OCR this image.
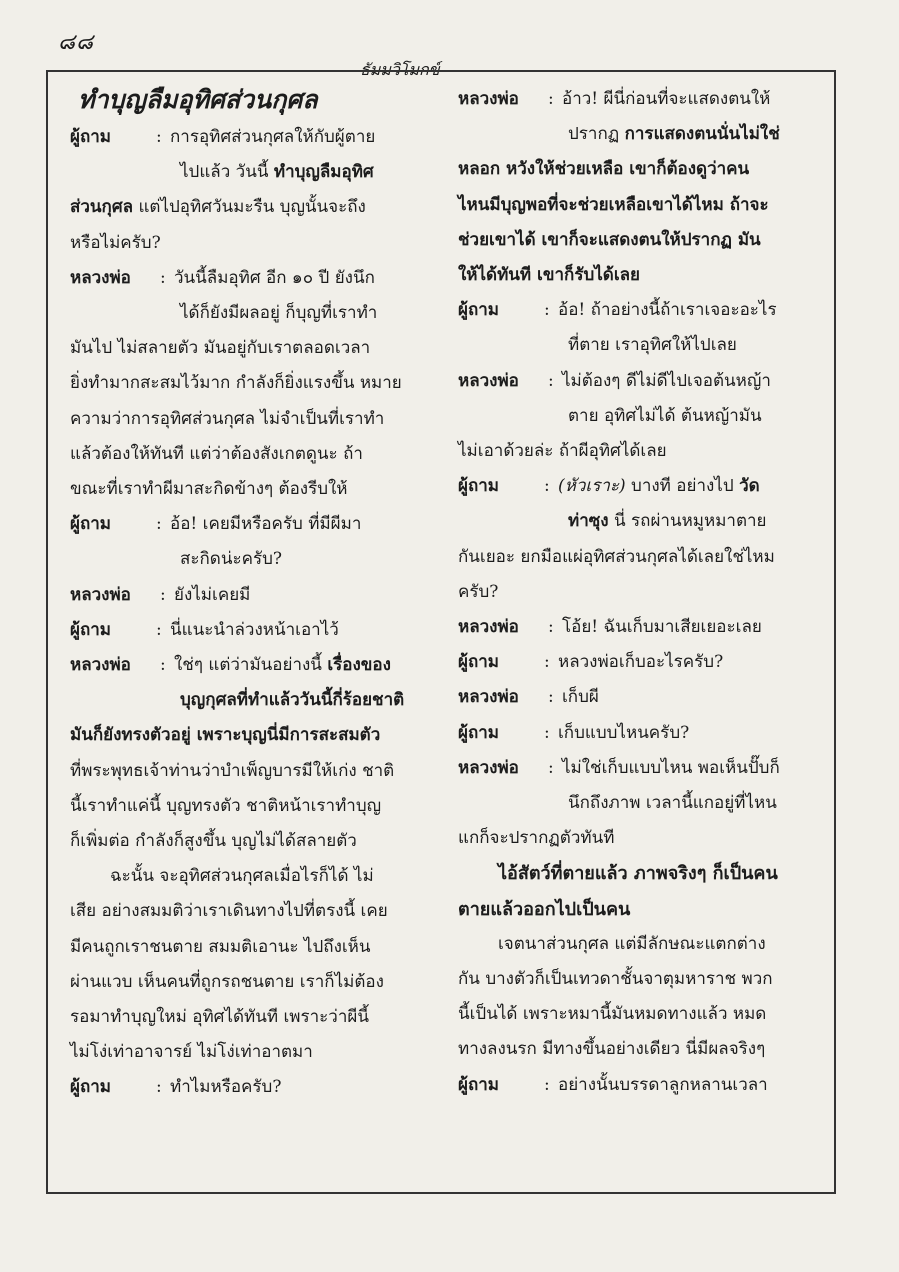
๘๘
ธัมมวิโมกข์

ทำบุญลืมอุทิศส่วนกุศล

ผู้ถาม	: การอุทิศส่วนกุศลให้กับผู้ตาย

ไปแล้ว วันนี้ ทำบุญลืมอุทิศ

ส่วนกุศล แต่ไปอุทิศวันมะรืน บุญนั้นจะถึง

หรือไม่ครับ?

หลวงพ่อ : วันนี้ลืมอุทิศ อีก ๑๐ ปี ยังนึก

ได้ก็ยังมีผลอยู่ ก็บุญที่เราทำ

มันไป ไม่สลายตัว มันอยู่กับเราตลอดเวลา

ยิ่งทำมากสะสมไว้มาก กำลังก็ยิ่งแรงขึ้น หมาย

ความว่าการอุทิศส่วนกุศล ไม่จำเป็นที่เราทำ

แล้วต้องให้ทันที แต่ว่าต้องสังเกตดูนะ ถ้า

ขณะที่เราทำผีมาสะกิดข้างๆ ต้องรีบให้

ผู้ถาม	: อ้อ! เคยมีหรือครับ ที่มีผีมา

สะกิดน่ะครับ?

หลวงพ่อ : ยังไม่เคยมี

ผู้ถาม	: นี่แนะนำล่วงหน้าเอาไว้

หลวงพ่อ : ใช่ๆ แต่ว่ามันอย่างนี้ เรื่องของ

บุญกุศลที่ทำแล้ววันนี้กี่ร้อยชาติ

มันก็ยังทรงตัวอยู่ เพราะบุญนี่มีการสะสมตัว

ที่พระพุทธเจ้าท่านว่าบำเพ็ญบารมีให้เก่ง ชาติ

นี้เราทำแค่นี้ บุญทรงตัว ชาติหน้าเราทำบุญ

ก็เพิ่มต่อ กำลังก็สูงขึ้น บุญไม่ได้สลายตัว

ฉะนั้น จะอุทิศส่วนกุศลเมื่อไรก็ได้ ไม่

เสีย อย่างสมมติว่าเราเดินทางไปที่ตรงนี้ เคย

มีคนถูกเราชนตาย สมมติเอานะ ไปถึงเห็น

ผ่านแวบ เห็นคนที่ถูกรถชนตาย เราก็ไม่ต้อง

รอมาทำบุญใหม่ อุทิศได้ทันที เพราะว่าผีนี้

ไม่โง่เท่าอาจารย์ ไม่โง่เท่าอาตมา

ผู้ถาม	: ทำไมหรือครับ?

หลวงพ่อ : อ้าว! ผีนี่ก่อนที่จะแสดงตนให้

ปรากฏ การแสดงตนนั่นไม่ใช่

หลอก หวังให้ช่วยเหลือ เขาก็ต้องดูว่าคน

ไหนมีบุญพอที่จะช่วยเหลือเขาได้ไหม ถ้าจะ

ช่วยเขาได้ เขาก็จะแสดงตนให้ปรากฏ มัน

ให้ได้ทันที เขาก็รับได้เลย

ผู้ถาม	: อ้อ! ถ้าอย่างนี้ถ้าเราเจอะอะไร

ที่ตาย เราอุทิศให้ไปเลย

หลวงพ่อ : ไม่ต้องๆ ดีไม่ดีไปเจอต้นหญ้า

ตาย อุทิศไม่ได้ ต้นหญ้ามัน

ไม่เอาด้วยล่ะ ถ้าผีอุทิศได้เลย

ผู้ถาม	: (หัวเราะ) บางที อย่างไป วัด

ท่าซุง นี่ รถผ่านหมูหมาตาย

กันเยอะ ยกมือแผ่อุทิศส่วนกุศลได้เลยใช่ไหม

ครับ?

หลวงพ่อ : โอ้ย! ฉันเก็บมาเสียเยอะเลย

ผู้ถาม	: หลวงพ่อเก็บอะไรครับ?

หลวงพ่อ : เก็บผี

ผู้ถาม	: เก็บแบบไหนครับ?

หลวงพ่อ : ไม่ใช่เก็บแบบไหน พอเห็นปั๊บก็

นึกถึงภาพ เวลานี้แกอยู่ที่ไหน

แกก็จะปรากฏตัวทันที

ไอ้สัตว์ที่ตายแล้ว ภาพจริงๆ ก็เป็นคน

ตายแล้วออกไปเป็นคน

เจตนาส่วนกุศล แต่มีลักษณะแตกต่าง

กัน บางตัวก็เป็นเทวดาชั้นจาตุมหาราช พวก

นี้เป็นได้ เพราะหมานี้มันหมดทางแล้ว หมด

ทางลงนรก มีทางขึ้นอย่างเดียว นี่มีผลจริงๆ

ผู้ถาม	: อย่างนั้นบรรดาลูกหลานเวลา
